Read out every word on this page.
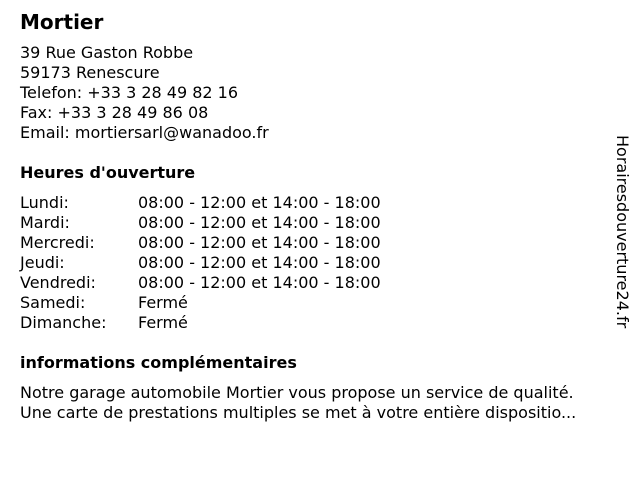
Mortier
39 Rue Gaston Robbe
59173 Renescure
Telefon: +33 3 28 49 82 16
Fax: +33 3 28 49 86 08
Email: mortiersarl@wanadoo.fr
Heures d'ouverture
Lundi:	08:00 - 12:00 et 14:00 - 18:00
Mardi:	08:00 - 12:00 et 14:00 - 18:00
Mercredi:	08:00 - 12:00 et 14:00 - 18:00
Jeudi:	08:00 - 12:00 et 14:00 - 18:00
Vendredi:	08:00 - 12:00 et 14:00 - 18:00
Samedi:	Fermé
Dimanche:	Fermé
informations complémentaires
Notre garage automobile Mortier vous propose un service de qualité.
Une carte de prestations multiples se met à votre entière dispositio...
Horairesdouverture24.fr
